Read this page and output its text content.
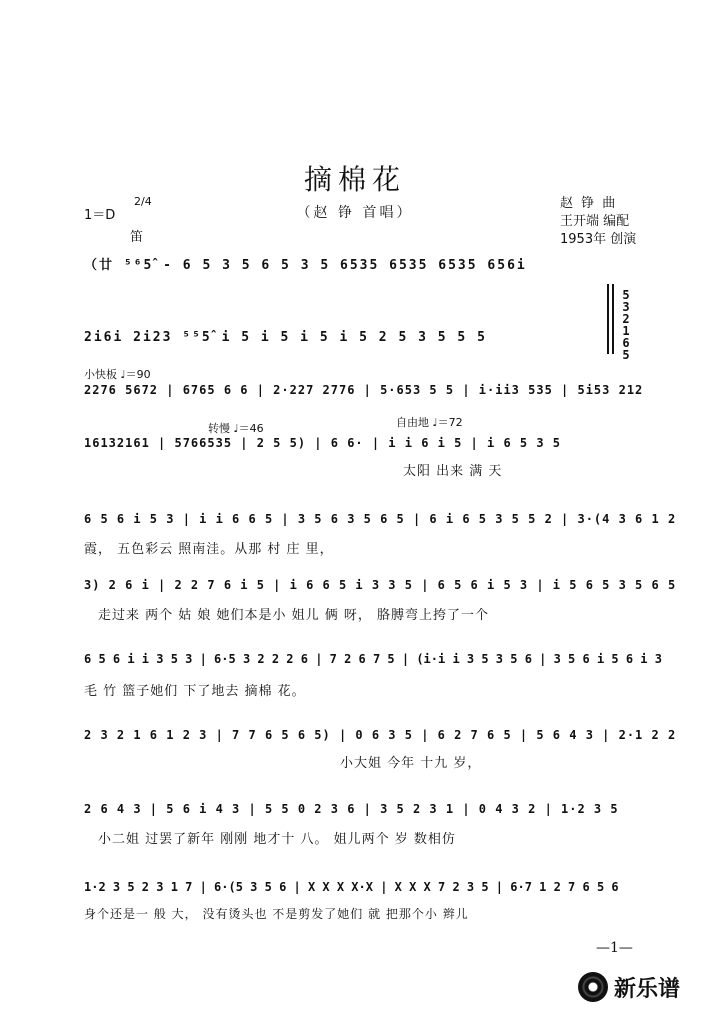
摘棉花
（赵 铮 首唱）
1＝D
2/4
笛
赵 铮 曲
王开端 编配
1953年 创演
（廿 ⁵⁶5̂ - 6 5 3 5 6 5 3 5 6535 6535 6535 656i
2i6i 2i23 ⁵⁵5̂ i 5 i 5 i 5 i 5 2 5 3 5 5 5
532165
小快板 ♩＝90
2276 5672 | 6765 6 6 | 2·227 2776 | 5·653 5 5 | i·ii3 535 | 5i53 212
转慢 ♩＝46	自由地 ♩＝72
16132161 | 5766535 | 2 5 5) | 6 6· | i i 6 i 5 | i 6 5 3 5
太阳 出来 满 天
6 5 6 i 5 3 | i i 6 6 5 | 3 5 6 3 5 6 5 | 6 i 6 5 3 5 5 2 | 3·(4 3 6 1 2
霞， 五色彩云 照南洼。从那 村 庄 里，
3) 2 6 i | 2 2 7 6 i 5 | i 6 6 5 i 3 3 5 | 6 5 6 i 5 3 | i 5 6 5 3 5 6 5
走过来 两个 姑 娘 她们本是小 姐儿 俩 呀， 胳膊弯上挎了一个
6 5 6 i i 3 5 3 | 6·5 3 2 2 2 6 | 7 2 6 7 5 | (i·i i 3 5 3 5 6 | 3 5 6 i 5 6 i 3
毛 竹 篮子她们 下了地去 摘棉 花。
2 3 2 1 6 1 2 3 | 7 7 6 5 6 5) | 0 6 3 5 | 6 2 7 6 5 | 5 6 4 3 | 2·1 2 2
小大姐 今年 十九 岁，
2 6 4 3 | 5 6 i 4 3 | 5 5 0 2 3 6 | 3 5 2 3 1 | 0 4 3 2 | 1·2 3 5
小二姐 过罢了新年 刚刚 地才十 八。 姐儿两个 岁 数相仿
1·2 3 5 2 3 1 7 | 6·(5 3 5 6 | X X X X·X | X X X 7 2 3 5 | 6·7 1 2 7 6 5 6
身个还是一 般 大， 没有烫头也 不是剪发了她们 就 把那个小 辫儿
—1—
新乐谱
